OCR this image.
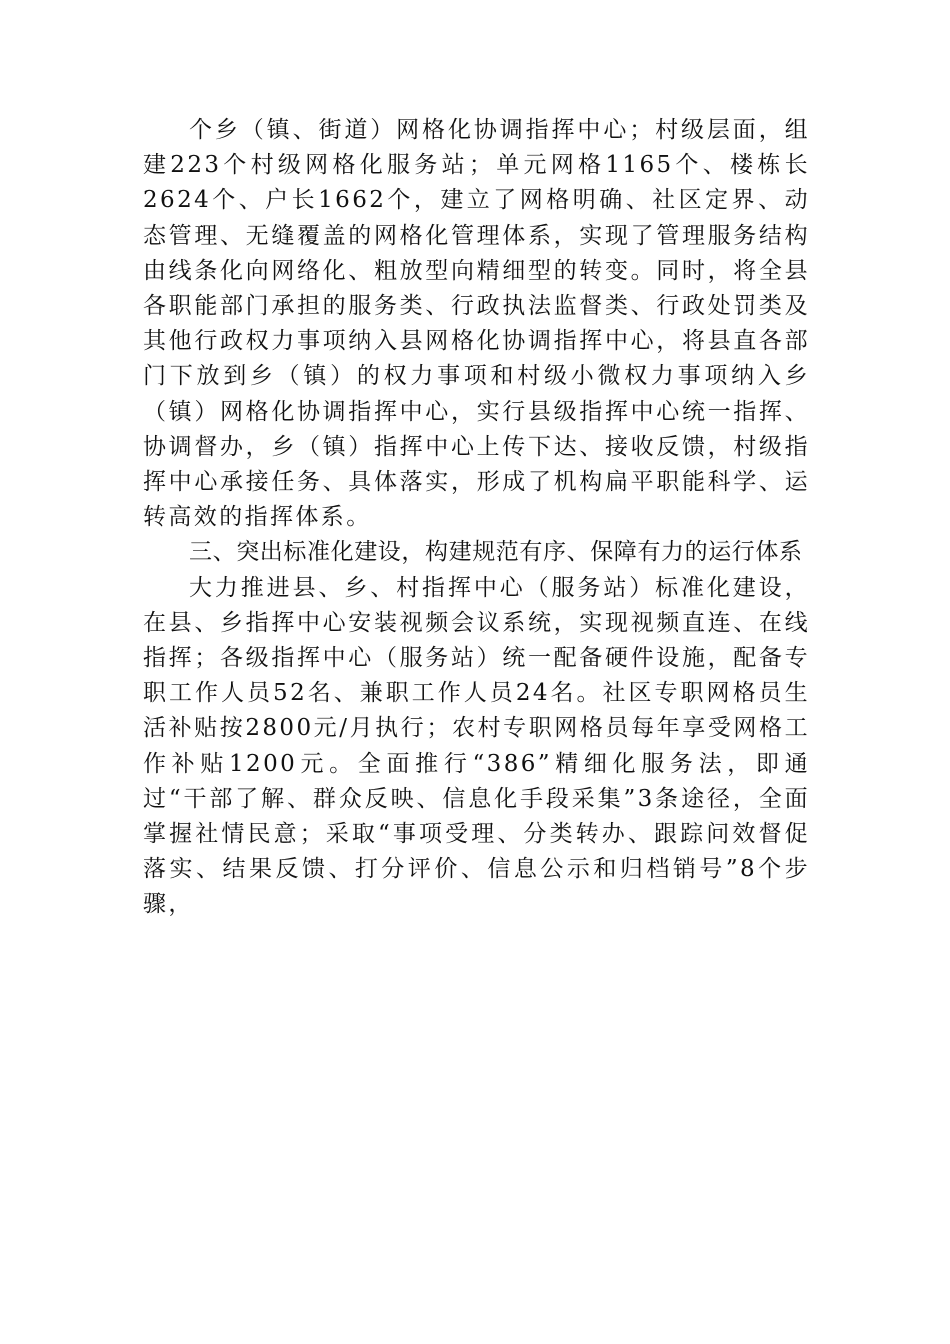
个乡（镇、街道）网格化协调指挥中心；村级层面，组建223个村级网格化服务站；单元网格1165个、楼栋长2624个、户长1662个，建立了网格明确、社区定界、动态管理、无缝覆盖的网格化管理体系，实现了管理服务结构由线条化向网络化、粗放型向精细型的转变。同时，将全县各职能部门承担的服务类、行政执法监督类、行政处罚类及其他行政权力事项纳入县网格化协调指挥中心，将县直各部门下放到乡（镇）的权力事项和村级小微权力事项纳入乡（镇）网格化协调指挥中心，实行县级指挥中心统一指挥、协调督办，乡（镇）指挥中心上传下达、接收反馈，村级指挥中心承接任务、具体落实，形成了机构扁平职能科学、运转高效的指挥体系。

三、突出标准化建设，构建规范有序、保障有力的运行体系

大力推进县、乡、村指挥中心（服务站）标准化建设，在县、乡指挥中心安装视频会议系统，实现视频直连、在线指挥；各级指挥中心（服务站）统一配备硬件设施，配备专职工作人员52名、兼职工作人员24名。社区专职网格员生活补贴按2800元/月执行；农村专职网格员每年享受网格工作补贴1200元。全面推行“386”精细化服务法，即通过“干部了解、群众反映、信息化手段采集”3条途径，全面掌握社情民意；采取“事项受理、分类转办、跟踪问效督促落实、结果反馈、打分评价、信息公示和归档销号”8个步骤，
